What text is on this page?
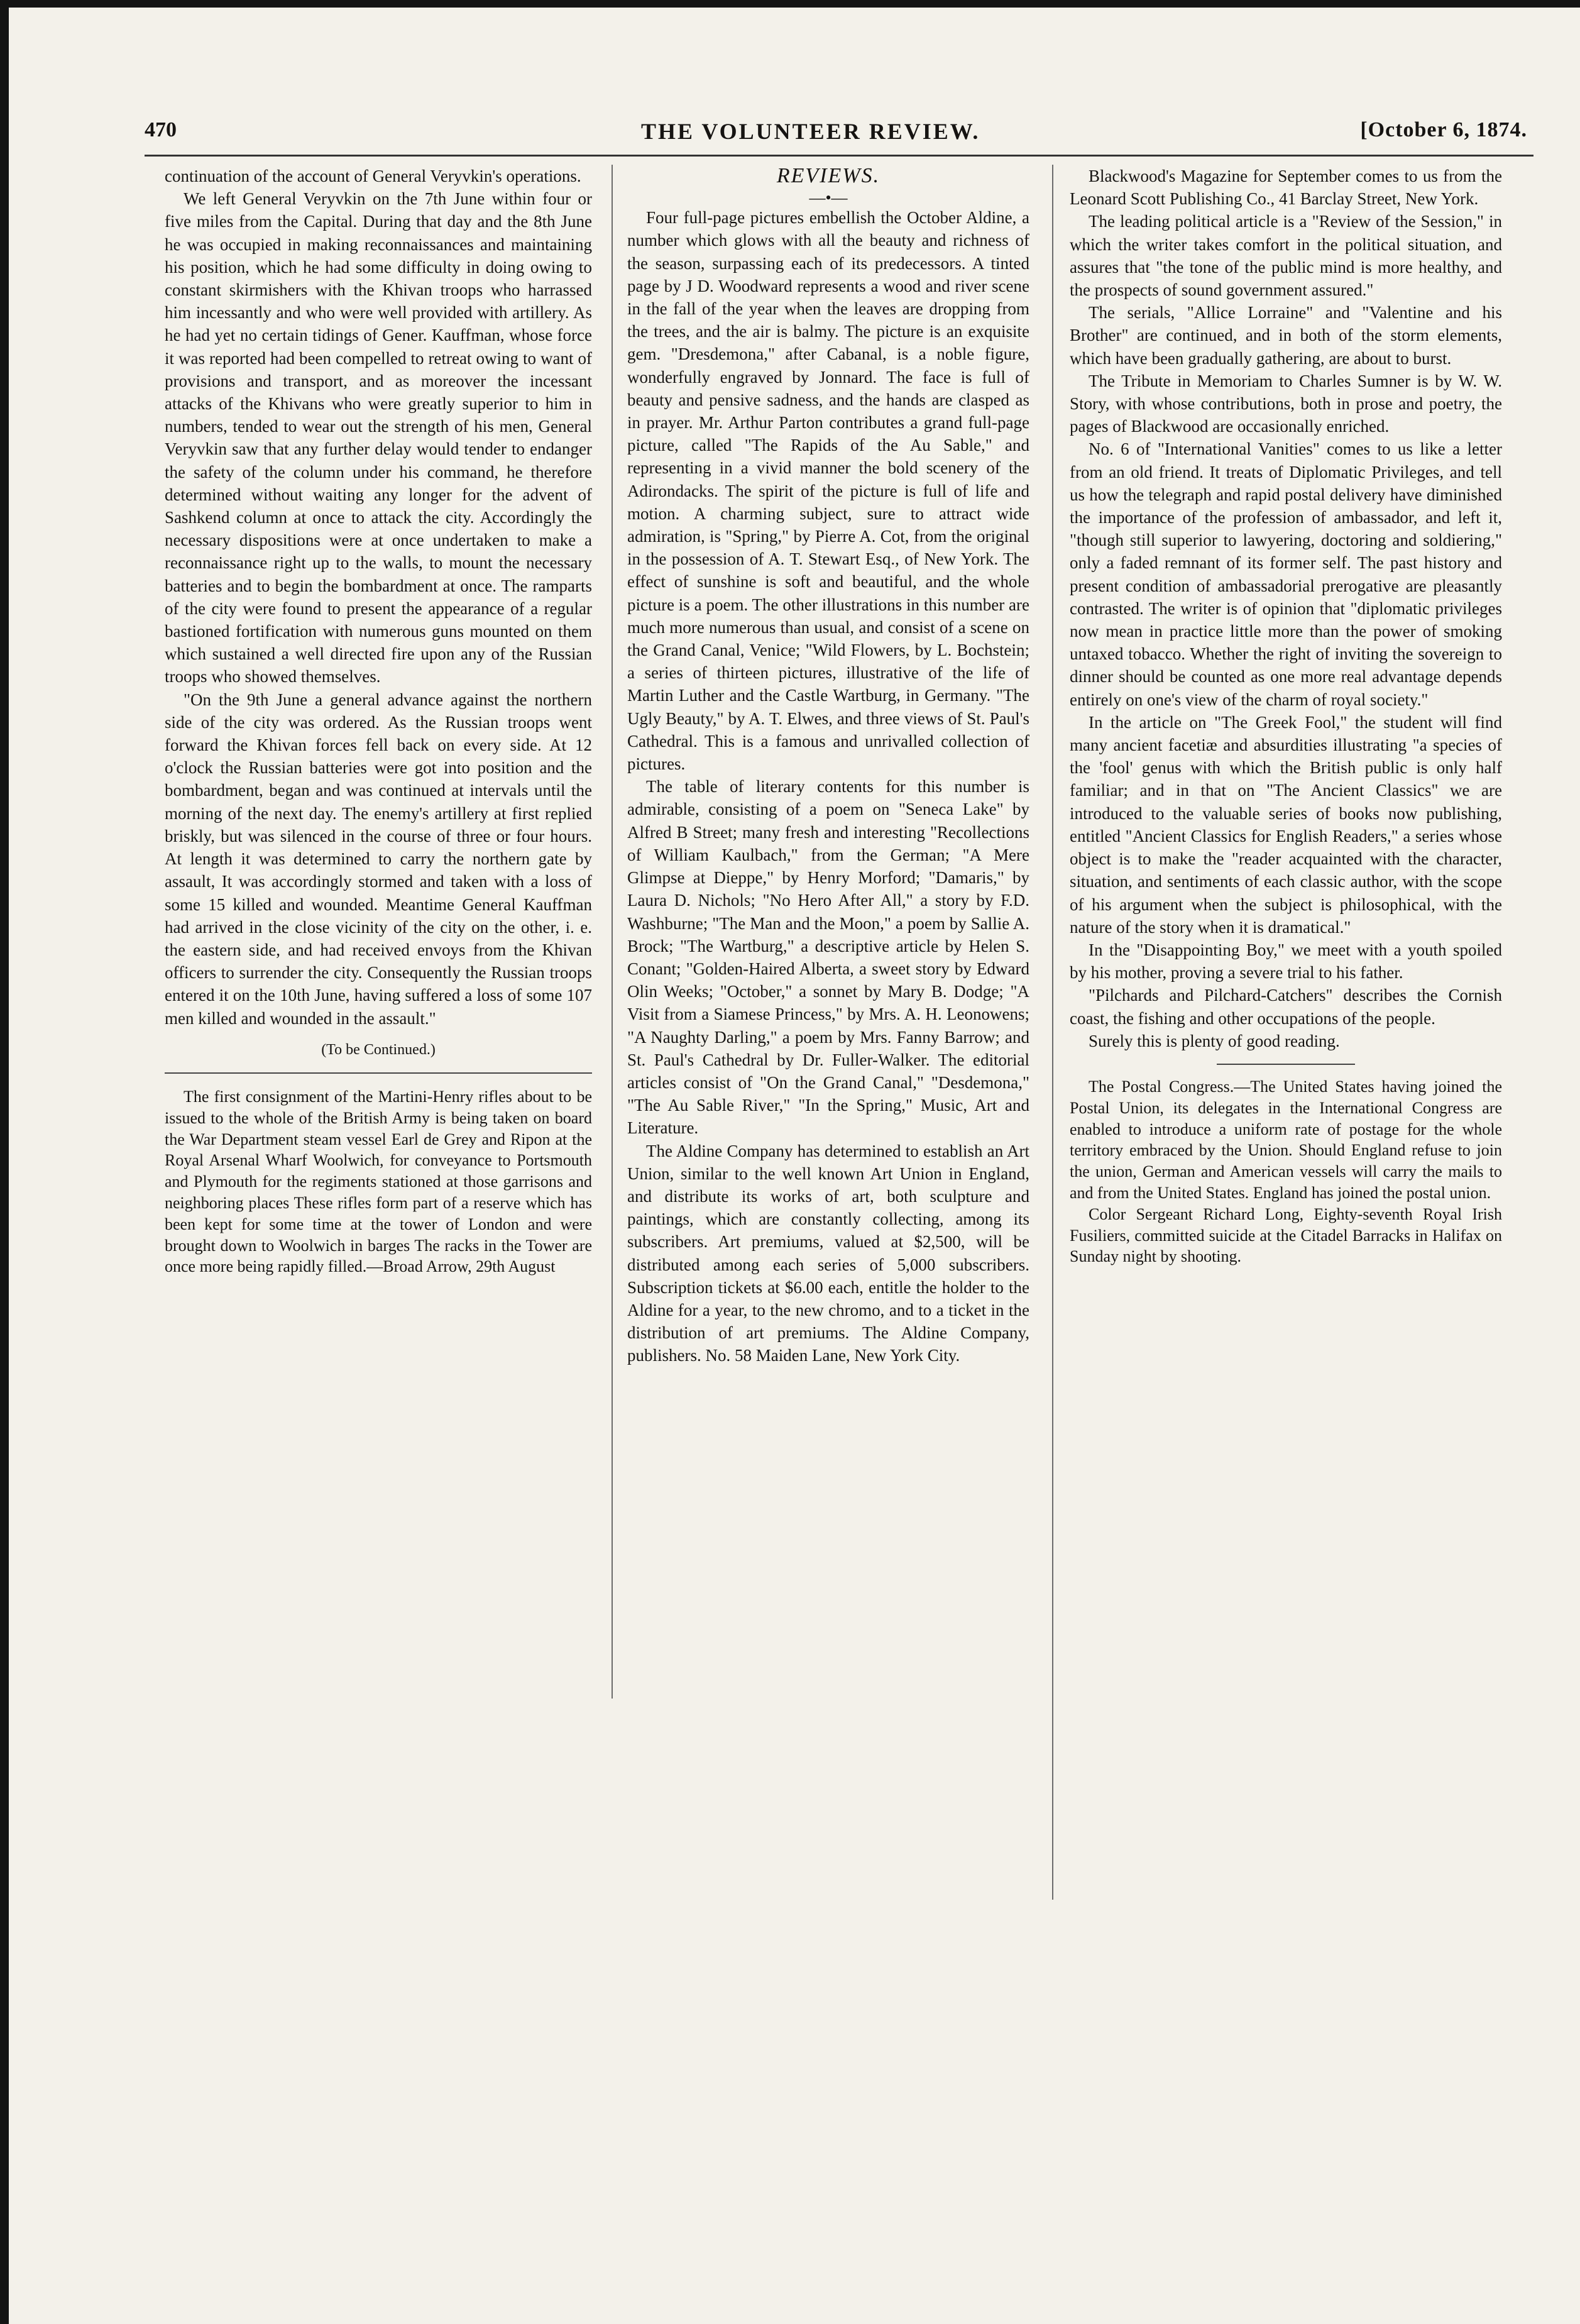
470	THE VOLUNTEER REVIEW.	[October 6, 1874.

continuation of the account of General Veryvkin's operations.

We left General Veryvkin on the 7th June within four or five miles from the Capital. During that day and the 8th June he was occupied in making reconnaissances and maintaining his position, which he had some difficulty in doing owing to constant skirmishers with the Khivan troops who harrassed him incessantly and who were well provided with artillery. As he had yet no certain tidings of Gener. Kauffman, whose force it was reported had been compelled to retreat owing to want of provisions and transport, and as moreover the incessant attacks of the Khivans who were greatly superior to him in numbers, tended to wear out the strength of his men, General Veryvkin saw that any further delay would tender to endanger the safety of the column under his command, he therefore determined without waiting any longer for the advent of Sashkend column at once to attack the city. Accordingly the necessary dispositions were at once undertaken to make a reconnaissance right up to the walls, to mount the necessary batteries and to begin the bombardment at once. The ramparts of the city were found to present the appearance of a regular bastioned fortification with numerous guns mounted on them which sustained a well directed fire upon any of the Russian troops who showed themselves.

"On the 9th June a general advance against the northern side of the city was ordered. As the Russian troops went forward the Khivan forces fell back on every side. At 12 o'clock the Russian batteries were got into position and the bombardment, began and was continued at intervals until the morning of the next day. The enemy's artillery at first replied briskly, but was silenced in the course of three or four hours. At length it was determined to carry the northern gate by assault, It was accordingly stormed and taken with a loss of some 15 killed and wounded. Meantime General Kauffman had arrived in the close vicinity of the city on the other, i. e. the eastern side, and had received envoys from the Khivan officers to surrender the city. Consequently the Russian troops entered it on the 10th June, having suffered a loss of some 107 men killed and wounded in the assault."

(To be Continued.)

The first consignment of the Martini-Henry rifles about to be issued to the whole of the British Army is being taken on board the War Department steam vessel Earl de Grey and Ripon at the Royal Arsenal Wharf Woolwich, for conveyance to Portsmouth and Plymouth for the regiments stationed at those garrisons and neighboring places These rifles form part of a reserve which has been kept for some time at the tower of London and were brought down to Woolwich in barges The racks in the Tower are once more being rapidly filled.—Broad Arrow, 29th August

REVIEWS.

—•—

Four full-page pictures embellish the October Aldine, a number which glows with all the beauty and richness of the season, surpassing each of its predecessors. A tinted page by J D. Woodward represents a wood and river scene in the fall of the year when the leaves are dropping from the trees, and the air is balmy. The picture is an exquisite gem. "Dresdemona," after Cabanal, is a noble figure, wonderfully engraved by Jonnard. The face is full of beauty and pensive sadness, and the hands are clasped as in prayer. Mr. Arthur Parton contributes a grand full-page picture, called "The Rapids of the Au Sable," and representing in a vivid manner the bold scenery of the Adirondacks. The spirit of the picture is full of life and motion. A charming subject, sure to attract wide admiration, is "Spring," by Pierre A. Cot, from the original in the possession of A. T. Stewart Esq., of New York. The effect of sunshine is soft and beautiful, and the whole picture is a poem. The other illustrations in this number are much more numerous than usual, and consist of a scene on the Grand Canal, Venice; "Wild Flowers, by L. Bochstein; a series of thirteen pictures, illustrative of the life of Martin Luther and the Castle Wartburg, in Germany. "The Ugly Beauty," by A. T. Elwes, and three views of St. Paul's Cathedral. This is a famous and unrivalled collection of pictures.

The table of literary contents for this number is admirable, consisting of a poem on "Seneca Lake" by Alfred B Street; many fresh and interesting "Recollections of William Kaulbach," from the German; "A Mere Glimpse at Dieppe," by Henry Morford; "Damaris," by Laura D. Nichols; "No Hero After All," a story by F.D. Washburne; "The Man and the Moon," a poem by Sallie A. Brock; "The Wartburg," a descriptive article by Helen S. Conant; "Golden-Haired Alberta, a sweet story by Edward Olin Weeks; "October," a sonnet by Mary B. Dodge; "A Visit from a Siamese Princess," by Mrs. A. H. Leonowens; "A Naughty Darling," a poem by Mrs. Fanny Barrow; and St. Paul's Cathedral by Dr. Fuller-Walker. The editorial articles consist of "On the Grand Canal," "Desdemona," "The Au Sable River," "In the Spring," Music, Art and Literature.

The Aldine Company has determined to establish an Art Union, similar to the well known Art Union in England, and distribute its works of art, both sculpture and paintings, which are constantly collecting, among its subscribers. Art premiums, valued at $2,500, will be distributed among each series of 5,000 subscribers. Subscription tickets at $6.00 each, entitle the holder to the Aldine for a year, to the new chromo, and to a ticket in the distribution of art premiums. The Aldine Company, publishers. No. 58 Maiden Lane, New York City.

Blackwood's Magazine for September comes to us from the Leonard Scott Publishing Co., 41 Barclay Street, New York.

The leading political article is a "Review of the Session," in which the writer takes comfort in the political situation, and assures that "the tone of the public mind is more healthy, and the prospects of sound government assured."

The serials, "Allice Lorraine" and "Valentine and his Brother" are continued, and in both of the storm elements, which have been gradually gathering, are about to burst.

The Tribute in Memoriam to Charles Sumner is by W. W. Story, with whose contributions, both in prose and poetry, the pages of Blackwood are occasionally enriched.

No. 6 of "International Vanities" comes to us like a letter from an old friend. It treats of Diplomatic Privileges, and tell us how the telegraph and rapid postal delivery have diminished the importance of the profession of ambassador, and left it, "though still superior to lawyering, doctoring and soldiering," only a faded remnant of its former self. The past history and present condition of ambassadorial prerogative are pleasantly contrasted. The writer is of opinion that "diplomatic privileges now mean in practice little more than the power of smoking untaxed tobacco. Whether the right of inviting the sovereign to dinner should be counted as one more real advantage depends entirely on one's view of the charm of royal society."

In the article on "The Greek Fool," the student will find many ancient facetiæ and absurdities illustrating "a species of the 'fool' genus with which the British public is only half familiar; and in that on "The Ancient Classics" we are introduced to the valuable series of books now publishing, entitled "Ancient Classics for English Readers," a series whose object is to make the "reader acquainted with the character, situation, and sentiments of each classic author, with the scope of his argument when the subject is philosophical, with the nature of the story when it is dramatical."

In the "Disappointing Boy," we meet with a youth spoiled by his mother, proving a severe trial to his father.

"Pilchards and Pilchard-Catchers" describes the Cornish coast, the fishing and other occupations of the people.

Surely this is plenty of good reading.

The Postal Congress.—The United States having joined the Postal Union, its delegates in the International Congress are enabled to introduce a uniform rate of postage for the whole territory embraced by the Union. Should England refuse to join the union, German and American vessels will carry the mails to and from the United States. England has joined the postal union.

Color Sergeant Richard Long, Eighty-seventh Royal Irish Fusiliers, committed suicide at the Citadel Barracks in Halifax on Sunday night by shooting.
